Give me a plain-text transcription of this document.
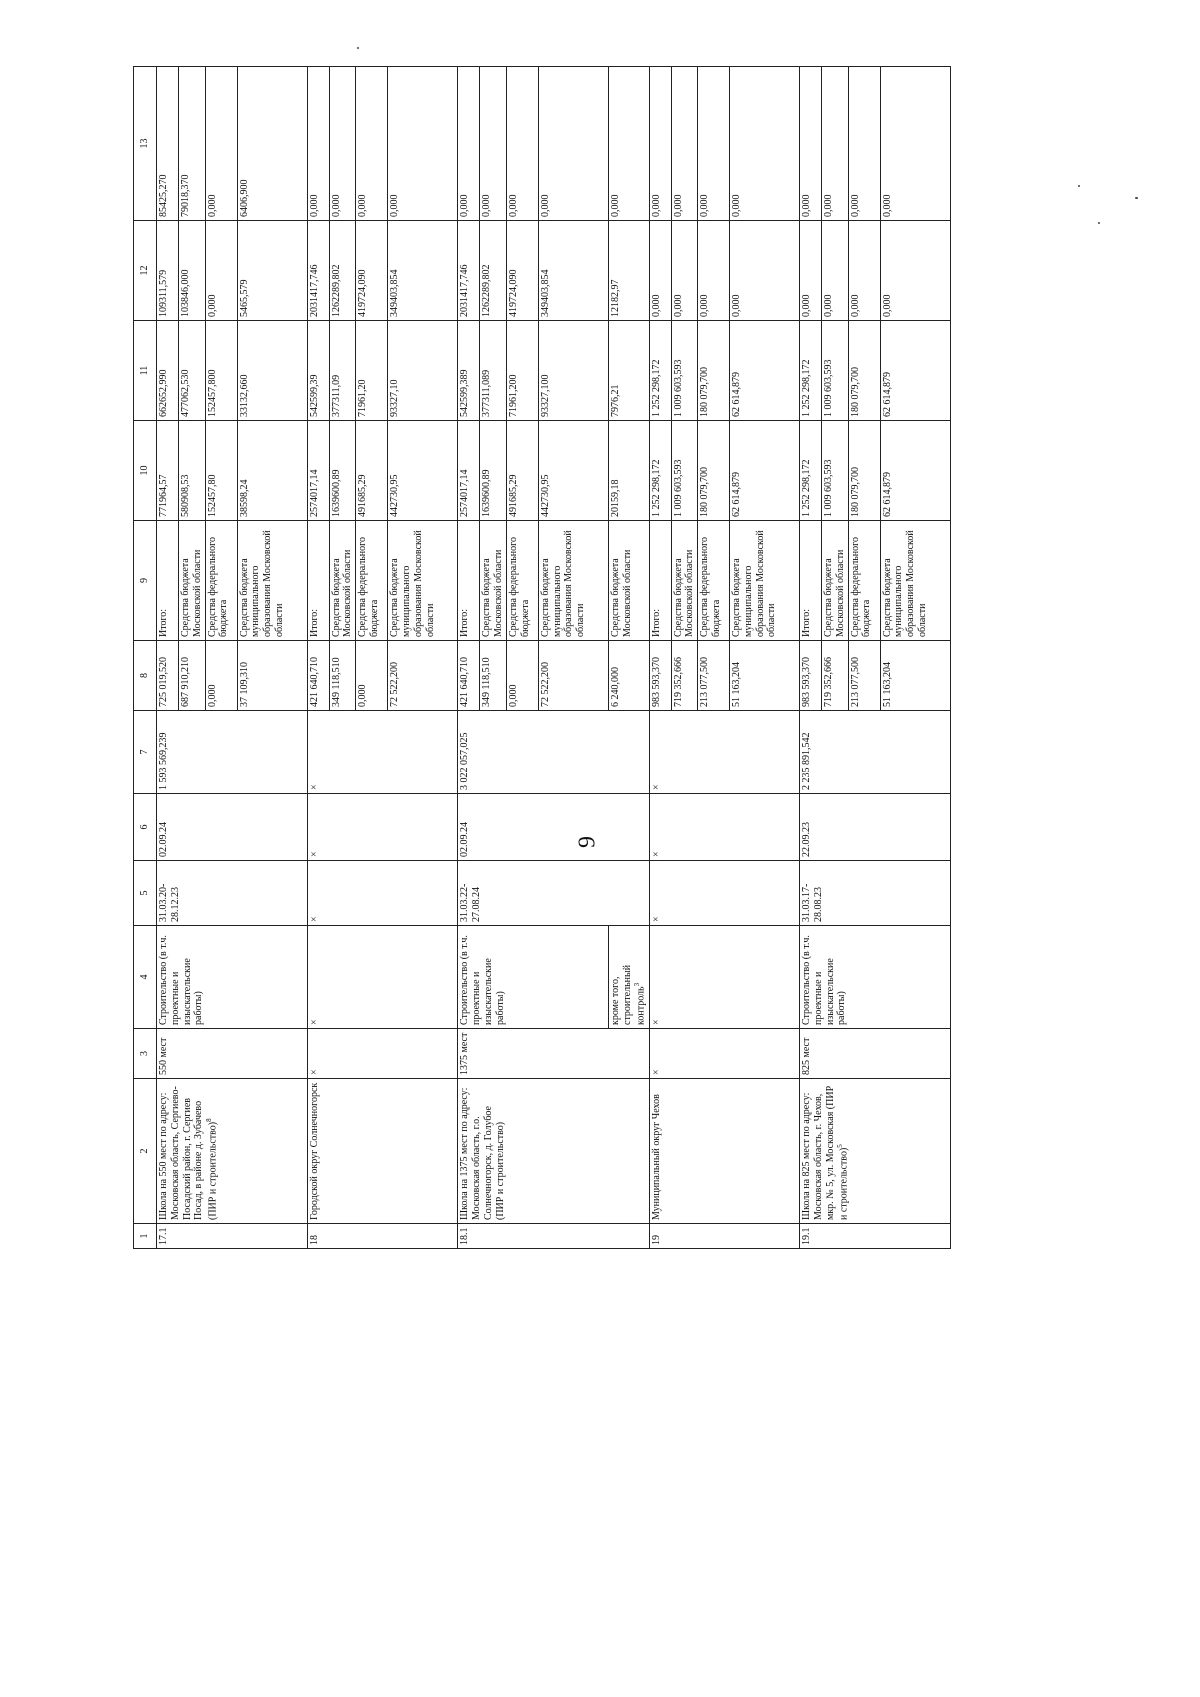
9
1	2	3	4	5	6	7	8	9	10	11	12	13
17.1	Школа на 550 мест по адресу: Московская область, Сергиево-Посадский район, г. Сергиев Посад, в районе д. Зубачево (ПИР и строительство)$^8$	550 мест	Строительство (в т.ч. проектные и изыскательские работы)	31.03.20-28.12.23	02.09.24	1 593 569,239	725 019,520	Итого:	771964,57	662652,990	109311,579	85425,270
							687 910,210	Средства бюджета Московской области	580908,53	477062,530	103846,000	79018,370
							0,000	Средства федерального бюджета	152457,80	152457,800	0,000	0,000
							37 109,310	Средства бюджета муниципального образования Московской области	38598,24	33132,660	5465,579	6406,900
18	Городской округ Солнечногорск	×	×	×	×	×	421 640,710	Итого:	2574017,14	542599,39	2031417,746	0,000
							349 118,510	Средства бюджета Московской области	1639600,89	377311,09	1262289,802	0,000
							0,000	Средства федерального бюджета	491685,29	71961,20	419724,090	0,000
							72 522,200	Средства бюджета муниципального образования Московской области	442730,95	93327,10	349403,854	0,000
18.1	Школа на 1375 мест по адресу: Московская область, г.о. Солнечногорск, д. Голубое (ПИР и строительство)	1375 мест	Строительство (в т.ч. проектные и изыскательские работы)	31.03.22-27.08.24	02.09.24	3 022 057,025	421 640,710	Итого:	2574017,14	542599,389	2031417,746	0,000
							349 118,510	Средства бюджета Московской области	1639600,89	377311,089	1262289,802	0,000
							0,000	Средства федерального бюджета	491685,29	71961,200	419724,090	0,000
							72 522,200	Средства бюджета муниципального образования Московской области	442730,95	93327,100	349403,854	0,000
			кроме того, строительный контроль$^3$				6 240,000	Средства бюджета Московской области	20159,18	7976,21	12182,97	0,000
19	Муниципальный округ Чехов	×	×	×	×	×	983 593,370	Итого:	1 252 298,172	1 252 298,172	0,000	0,000
							719 352,666	Средства бюджета Московской области	1 009 603,593	1 009 603,593	0,000	0,000
							213 077,500	Средства федерального бюджета	180 079,700	180 079,700	0,000	0,000
							51 163,204	Средства бюджета муниципального образования Московской области	62 614,879	62 614,879	0,000	0,000
19.1	Школа на 825 мест по адресу: Московская область, г. Чехов, мкр. № 5, ул. Московская (ПИР и строительство)$^5$	825 мест	Строительство (в т.ч. проектные и изыскательские работы)	31.03.17-28.08.23	22.09.23	2 235 891,542	983 593,370	Итого:	1 252 298,172	1 252 298,172	0,000	0,000
							719 352,666	Средства бюджета Московской области	1 009 603,593	1 009 603,593	0,000	0,000
							213 077,500	Средства федерального бюджета	180 079,700	180 079,700	0,000	0,000
							51 163,204	Средства бюджета муниципального образования Московской области	62 614,879	62 614,879	0,000	0,000
